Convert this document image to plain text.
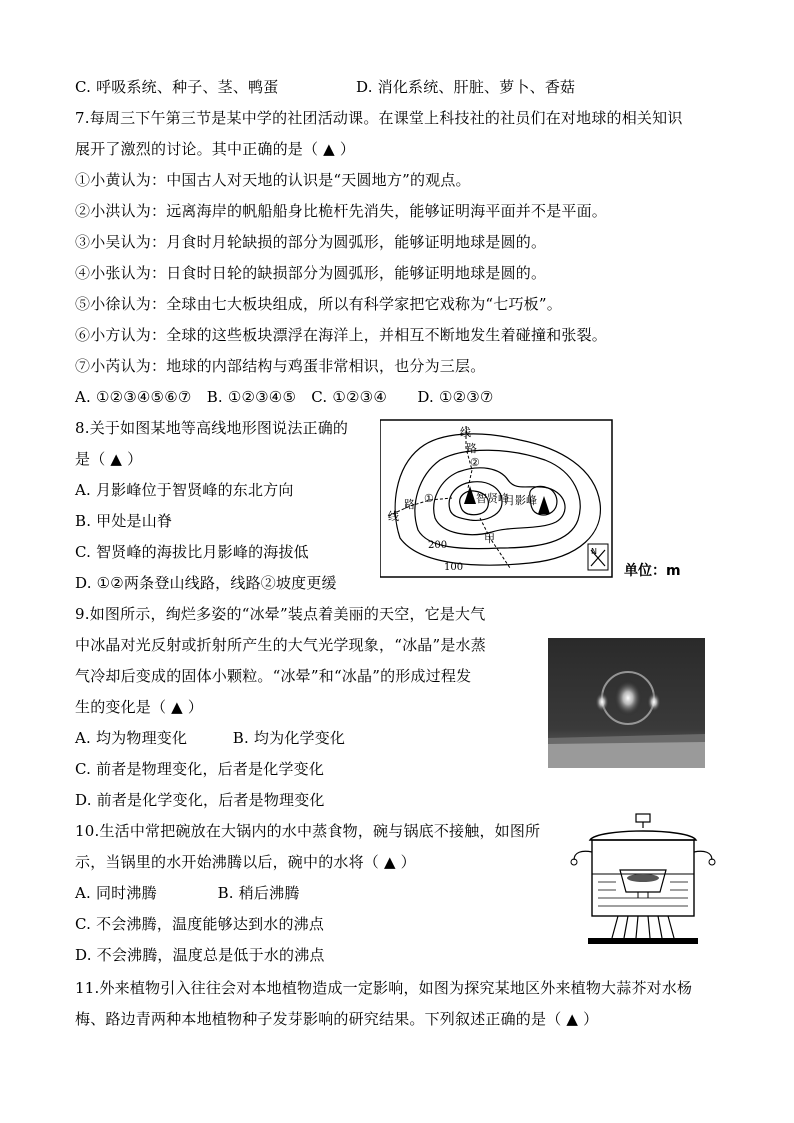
C. 呼吸系统、种子、茎、鸭蛋	D. 消化系统、肝脏、萝卜、香菇
7.每周三下午第三节是某中学的社团活动课。在课堂上科技社的社员们在对地球的相关知识
展开了激烈的讨论。其中正确的是（ ▲ ）
①小黄认为：中国古人对天地的认识是“天圆地方”的观点。
②小洪认为：远离海岸的帆船船身比桅杆先消失，能够证明海平面并不是平面。
③小吴认为：月食时月轮缺损的部分为圆弧形，能够证明地球是圆的。
④小张认为：日食时日轮的缺损部分为圆弧形，能够证明地球是圆的。
⑤小徐认为：全球由七大板块组成，所以有科学家把它戏称为“七巧板”。
⑥小方认为：全球的这些板块漂浮在海洋上，并相互不断地发生着碰撞和张裂。
⑦小芮认为：地球的内部结构与鸡蛋非常相识，也分为三层。
A. ①②③④⑤⑥⑦　B. ①②③④⑤　C. ①②③④　　D. ①②③⑦
8.关于如图某地等高线地形图说法正确的
是（ ▲ ）
A. 月影峰位于智贤峰的东北方向
B. 甲处是山脊
C. 智贤峰的海拔比月影峰的海拔低
D. ①②两条登山线路，线路②坡度更缓
9.如图所示，绚烂多姿的“冰晕”装点着美丽的天空，它是大气
中冰晶对光反射或折射所产生的大气光学现象，“冰晶”是水蒸
气冷却后变成的固体小颗粒。“冰晕”和“冰晶”的形成过程发
生的变化是（ ▲ ）
A. 均为物理变化　　　B. 均为化学变化
C. 前者是物理变化，后者是化学变化
D. 前者是化学变化，后者是物理变化
10.生活中常把碗放在大锅内的水中蒸食物，碗与锅底不接触，如图所
示，当锅里的水开始沸腾以后，碗中的水将（ ▲ ）
A. 同时沸腾　　　　B. 稍后沸腾
C. 不会沸腾，温度能够达到水的沸点
D. 不会沸腾，温度总是低于水的沸点
11.外来植物引入往往会对本地植物造成一定影响，如图为探究某地区外来植物大蒜芥对水杨
梅、路边青两种本地植物种子发芽影响的研究结果。下列叙述正确的是（ ▲ ）
线
路
②
路 ①
线
智贤峰
月影峰
甲
200
100
N
单位：m
